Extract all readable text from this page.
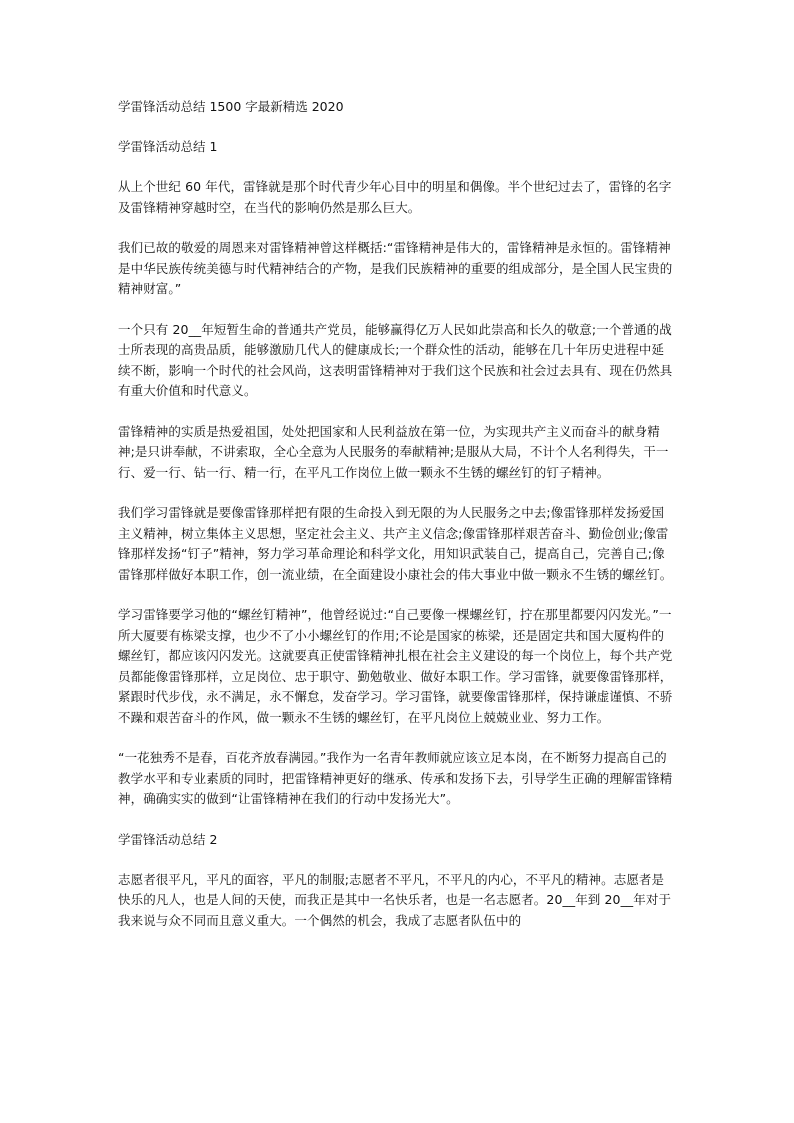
学雷锋活动总结 1500 字最新精选 2020
学雷锋活动总结 1
从上个世纪 60 年代，雷锋就是那个时代青少年心目中的明星和偶像。半个世纪过去了，雷锋的名字及雷锋精神穿越时空，在当代的影响仍然是那么巨大。
我们已故的敬爱的周恩来对雷锋精神曾这样概括:“雷锋精神是伟大的，雷锋精神是永恒的。雷锋精神是中华民族传统美德与时代精神结合的产物，是我们民族精神的重要的组成部分，是全国人民宝贵的精神财富。”
一个只有 20__年短暂生命的普通共产党员，能够赢得亿万人民如此崇高和长久的敬意;一个普通的战士所表现的高贵品质，能够激励几代人的健康成长;一个群众性的活动，能够在几十年历史进程中延续不断，影响一个时代的社会风尚，这表明雷锋精神对于我们这个民族和社会过去具有、现在仍然具有重大价值和时代意义。
雷锋精神的实质是热爱祖国，处处把国家和人民利益放在第一位，为实现共产主义而奋斗的献身精神;是只讲奉献，不讲索取，全心全意为人民服务的奉献精神;是服从大局，不计个人名利得失，干一行、爱一行、钻一行、精一行，在平凡工作岗位上做一颗永不生锈的螺丝钉的钉子精神。
我们学习雷锋就是要像雷锋那样把有限的生命投入到无限的为人民服务之中去;像雷锋那样发扬爱国主义精神，树立集体主义思想，坚定社会主义、共产主义信念;像雷锋那样艰苦奋斗、勤俭创业;像雷锋那样发扬“钉子”精神，努力学习革命理论和科学文化，用知识武装自己，提高自己，完善自己;像雷锋那样做好本职工作，创一流业绩，在全面建设小康社会的伟大事业中做一颗永不生锈的螺丝钉。
学习雷锋要学习他的“螺丝钉精神”，他曾经说过:“自己要像一棵螺丝钉，拧在那里都要闪闪发光。”一所大厦要有栋梁支撑，也少不了小小螺丝钉的作用;不论是国家的栋梁，还是固定共和国大厦构件的螺丝钉，都应该闪闪发光。这就要真正使雷锋精神扎根在社会主义建设的每一个岗位上，每个共产党员都能像雷锋那样，立足岗位、忠于职守、勤勉敬业、做好本职工作。学习雷锋，就要像雷锋那样，紧跟时代步伐，永不满足，永不懈怠，发奋学习。学习雷锋，就要像雷锋那样，保持谦虚谨慎、不骄不躁和艰苦奋斗的作风，做一颗永不生锈的螺丝钉，在平凡岗位上兢兢业业、努力工作。
“一花独秀不是春，百花齐放春满园。”我作为一名青年教师就应该立足本岗，在不断努力提高自己的教学水平和专业素质的同时，把雷锋精神更好的继承、传承和发扬下去，引导学生正确的理解雷锋精神，确确实实的做到“让雷锋精神在我们的行动中发扬光大”。
学雷锋活动总结 2
志愿者很平凡，平凡的面容，平凡的制服;志愿者不平凡，不平凡的内心，不平凡的精神。志愿者是快乐的凡人，也是人间的天使，而我正是其中一名快乐者，也是一名志愿者。20__年到 20__年对于我来说与众不同而且意义重大。一个偶然的机会，我成了志愿者队伍中的
